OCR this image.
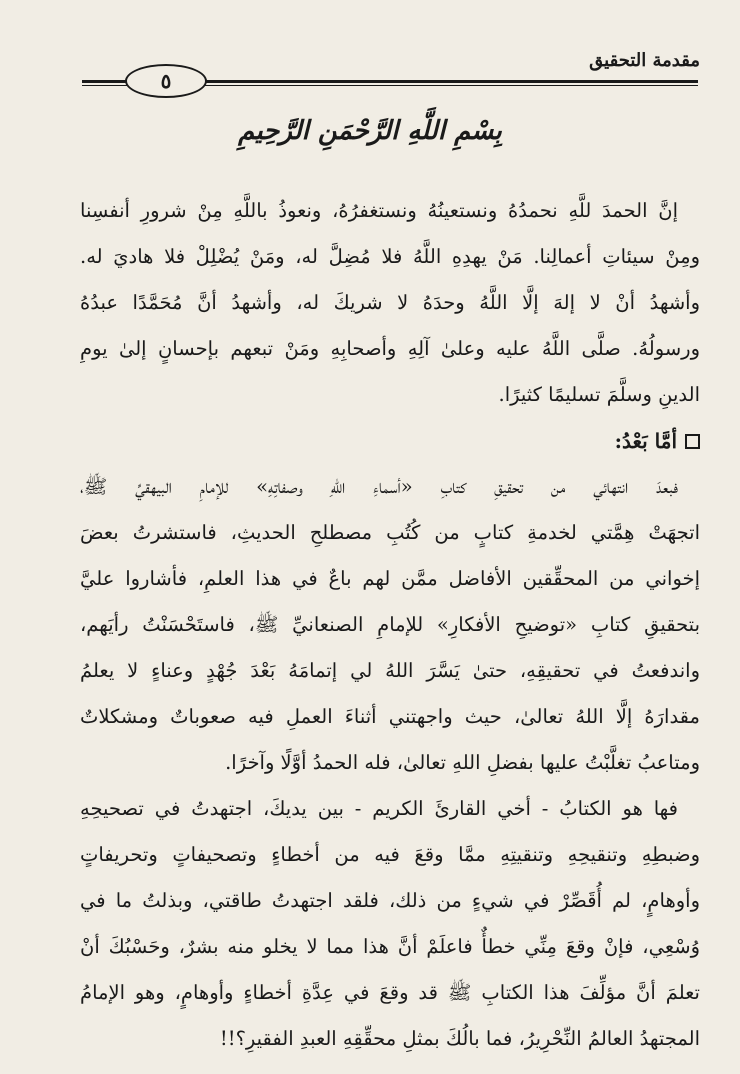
مقدمة التحقيق
٥
بِسْمِ اللَّهِ الرَّحْمَنِ الرَّحِيمِ
إنَّ الحمدَ للَّهِ نحمدُهُ ونستعينُهُ ونستغفرُهُ، ونعوذُ باللَّهِ مِنْ شرورِ أنفسِنا
ومِنْ سيئاتِ أعمالِنا. مَنْ يهدِهِ اللَّهُ فلا مُضِلَّ له، ومَنْ يُضْلِلْ فلا هاديَ له.
وأشهدُ أنْ لا إلهَ إلَّا اللَّهُ وحدَهُ لا شريكَ له، وأشهدُ أنَّ مُحَمَّدًا عبدُهُ
ورسولُهُ. صلَّى اللَّهُ عليه وعلىٰ آلِهِ وأصحابِهِ ومَنْ تبعهم بإحسانٍ إلىٰ يومِ
الدينِ وسلَّمَ تسليمًا كثيرًا.
أمَّا بَعْدُ:
فبعدَ انتهائي من تحقيقِ كتابِ «أسماءِ اللهِ وصفاتِهِ» للإمامِ البيهقيِّ ﷺ،
اتجهَتْ هِمَّتي لخدمةِ كتابٍ من كُتُبِ مصطلحِ الحديثِ، فاستشرتُ بعضَ
إخواني من المحقِّقين الأفاضل ممَّن لهم باعٌ في هذا العلمِ، فأشاروا عليَّ
بتحقيقِ كتابِ «توضيحِ الأفكارِ» للإمامِ الصنعانيِّ ﷺ، فاستَحْسَنْتُ رأيَهم،
واندفعتُ في تحقيقِهِ، حتىٰ يَسَّرَ اللهُ لي إتمامَهُ بَعْدَ جُهْدٍ وعناءٍ لا يعلمُ
مقدارَهُ إلَّا اللهُ تعالىٰ، حيث واجهتني أثناءَ العملِ فيه صعوباتٌ ومشكلاتٌ
ومتاعبُ تغلَّبْتُ عليها بفضلِ اللهِ تعالىٰ، فله الحمدُ أوَّلًا وآخرًا.
فها هو الكتابُ - أخي القارئَ الكريم - بين يديكَ، اجتهدتُ في تصحيحِهِ
وضبطِهِ وتنقيحِهِ وتنقيتِهِ ممَّا وقعَ فيه من أخطاءٍ وتصحيفاتٍ وتحريفاتٍ
وأوهامٍ، لم أُقَصِّرْ في شيءٍ من ذلك، فلقد اجتهدتُ طاقتي، وبذلتُ ما في
وُسْعِي، فإنْ وقعَ مِنِّي خطأٌ فاعلَمْ أنَّ هذا مما لا يخلو منه بشرٌ، وحَسْبُكَ أنْ
تعلمَ أنَّ مؤلِّفَ هذا الكتابِ ﷺ قد وقعَ في عِدَّةِ أخطاءٍ وأوهامٍ، وهو الإمامُ
المجتهدُ العالمُ النِّحْرِيرُ، فما بالُكَ بمثلِ محقِّقِهِ العبدِ الفقيرِ؟!!
